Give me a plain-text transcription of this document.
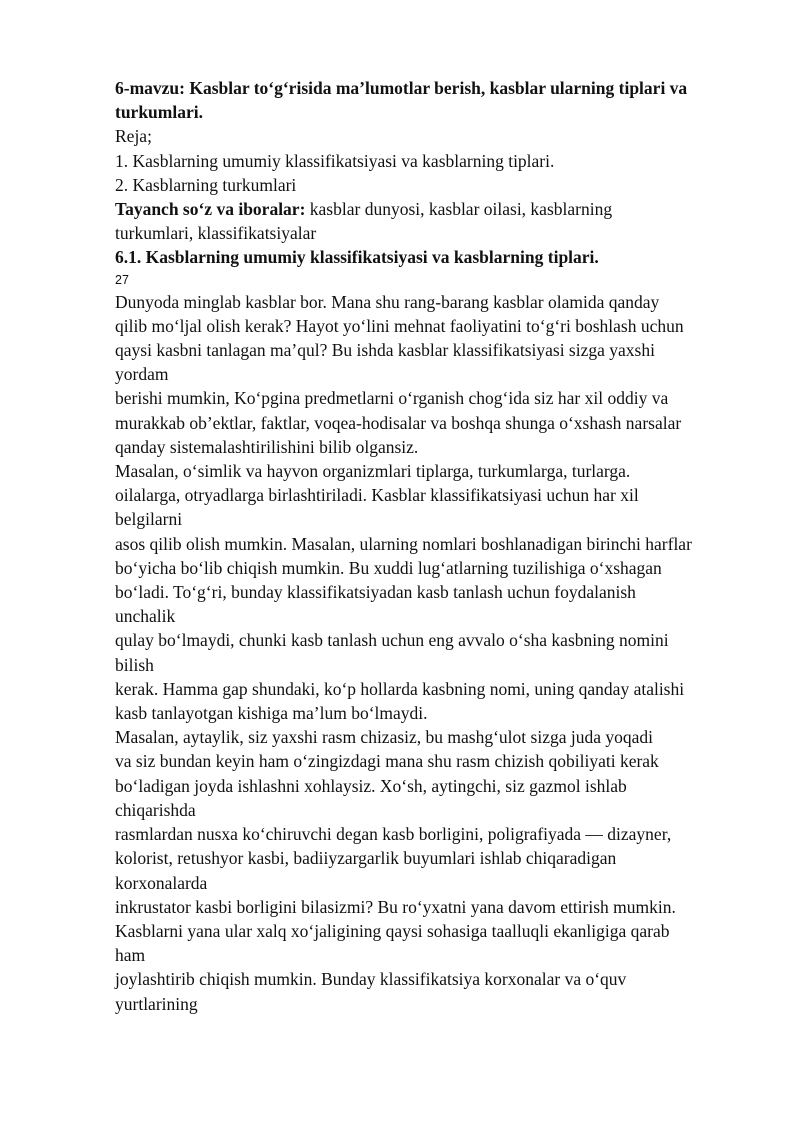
6-mavzu: Kasblar to‘g‘risida ma’lumotlar berish, kasblar ularning tiplari va
turkumlari.
Reja;
1. Kasblarning umumiy klassifikatsiyasi va kasblarning tiplari.
2. Kasblarning turkumlari
Tayanch so‘z va iboralar: kasblar dunyosi, kasblar oilasi, kasblarning
turkumlari, klassifikatsiyalar
6.1. Kasblarning umumiy klassifikatsiyasi va kasblarning tiplari.
27
Dunyoda minglab kasblar bor. Mana shu rang-barang kasblar olamida qanday
qilib mo‘ljal olish kerak? Hayot yo‘lini mehnat faoliyatini to‘g‘ri boshlash uchun
qaysi kasbni tanlagan ma’qul? Bu ishda kasblar klassifikatsiyasi sizga yaxshi
yordam
berishi mumkin, Ko‘pgina predmetlarni o‘rganish chog‘ida siz har xil oddiy va
murakkab ob’ektlar, faktlar, voqea-hodisalar va boshqa shunga o‘xshash narsalar
qanday sistemalashtirilishini bilib olgansiz.
Masalan, o‘simlik va hayvon organizmlari tiplarga, turkumlarga, turlarga.
oilalarga, otryadlarga birlashtiriladi. Kasblar klassifikatsiyasi uchun har xil
belgilarni
asos qilib olish mumkin. Masalan, ularning nomlari boshlanadigan birinchi harflar
bo‘yicha bo‘lib chiqish mumkin. Bu xuddi lug‘atlarning tuzilishiga o‘xshagan
bo‘ladi. To‘g‘ri, bunday klassifikatsiyadan kasb tanlash uchun foydalanish
unchalik
qulay bo‘lmaydi, chunki kasb tanlash uchun eng avvalo o‘sha kasbning nomini
bilish
kerak. Hamma gap shundaki, ko‘p hollarda kasbning nomi, uning qanday atalishi
kasb tanlayotgan kishiga ma’lum bo‘lmaydi.
Masalan, aytaylik, siz yaxshi rasm chizasiz, bu mashg‘ulot sizga juda yoqadi
va siz bundan keyin ham o‘zingizdagi mana shu rasm chizish qobiliyati kerak
bo‘ladigan joyda ishlashni xohlaysiz. Xo‘sh, aytingchi, siz gazmol ishlab
chiqarishda
rasmlardan nusxa ko‘chiruvchi degan kasb borligini, poligrafiyada — dizayner,
kolorist, retushyor kasbi, badiiyzargarlik buyumlari ishlab chiqaradigan
korxonalarda
inkrustator kasbi borligini bilasizmi? Bu ro‘yxatni yana davom ettirish mumkin.
Kasblarni yana ular xalq xo‘jaligining qaysi sohasiga taalluqli ekanligiga qarab
ham
joylashtirib chiqish mumkin. Bunday klassifikatsiya korxonalar va o‘quv
yurtlarining
